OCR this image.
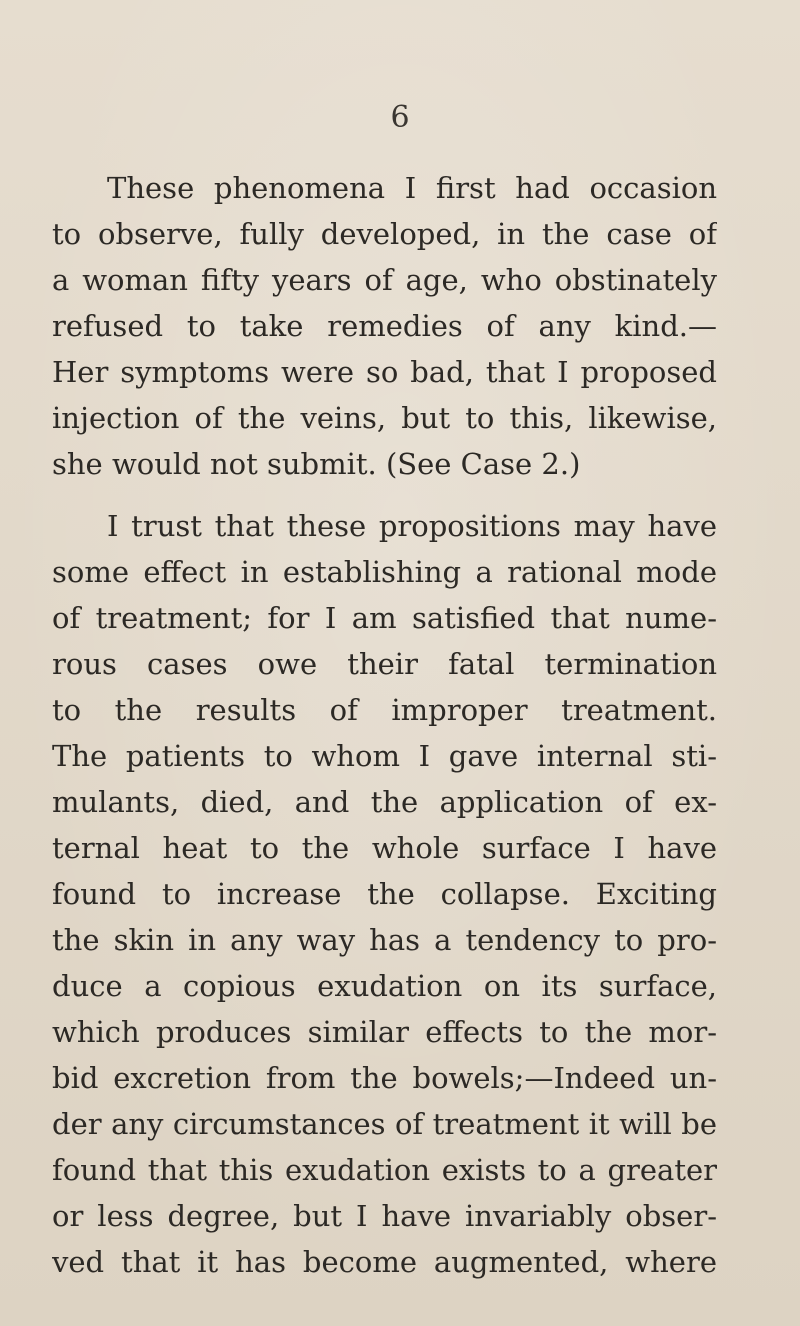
6
These phenomena I first had occasion
to observe, fully developed, in the case of
a woman fifty years of age, who obstinately
refused to take remedies of any kind.—
Her symptoms were so bad, that I proposed
injection of the veins, but to this, likewise,
she would not submit. (See Case 2.)
I trust that these propositions may have
some effect in establishing a rational mode
of treatment; for I am satisfied that nume-
rous cases owe their fatal termination
to the results of improper treatment.
The patients to whom I gave internal sti-
mulants, died, and the application of ex-
ternal heat to the whole surface I have
found to increase the collapse. Exciting
the skin in any way has a tendency to pro-
duce a copious exudation on its surface,
which produces similar effects to the mor-
bid excretion from the bowels;—Indeed un-
der any circumstances of treatment it will be
found that this exudation exists to a greater
or less degree, but I have invariably obser-
ved that it has become augmented, where
